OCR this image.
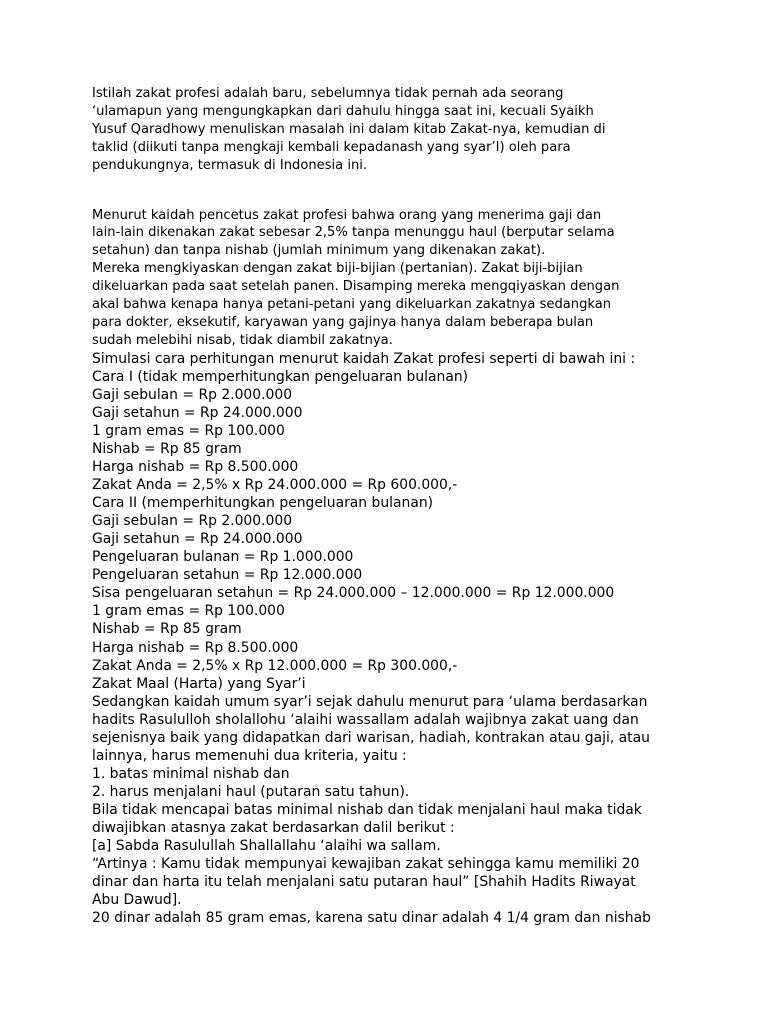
Istilah zakat profesi adalah baru, sebelumnya tidak pernah ada seorang
‘ulamapun yang mengungkapkan dari dahulu hingga saat ini, kecuali Syaikh
Yusuf Qaradhowy menuliskan masalah ini dalam kitab Zakat-nya, kemudian di
taklid (diikuti tanpa mengkaji kembali kepadanash yang syar’I) oleh para
pendukungnya, termasuk di Indonesia ini.

Menurut kaidah pencetus zakat profesi bahwa orang yang menerima gaji dan
lain-lain dikenakan zakat sebesar 2,5% tanpa menunggu haul (berputar selama
setahun) dan tanpa nishab (jumlah minimum yang dikenakan zakat).
Mereka mengkiyaskan dengan zakat biji-bijian (pertanian). Zakat biji-bijian
dikeluarkan pada saat setelah panen. Disamping mereka mengqiyaskan dengan
akal bahwa kenapa hanya petani-petani yang dikeluarkan zakatnya sedangkan
para dokter, eksekutif, karyawan yang gajinya hanya dalam beberapa bulan
sudah melebihi nisab, tidak diambil zakatnya.

Simulasi cara perhitungan menurut kaidah Zakat profesi seperti di bawah ini :
Cara I (tidak memperhitungkan pengeluaran bulanan)
Gaji sebulan = Rp 2.000.000
Gaji setahun = Rp 24.000.000
1 gram emas = Rp 100.000
Nishab = Rp 85 gram
Harga nishab = Rp 8.500.000
Zakat Anda = 2,5% x Rp 24.000.000 = Rp 600.000,-
Cara II (memperhitungkan pengeluaran bulanan)
Gaji sebulan = Rp 2.000.000
Gaji setahun = Rp 24.000.000
Pengeluaran bulanan = Rp 1.000.000
Pengeluaran setahun = Rp 12.000.000
Sisa pengeluaran setahun = Rp 24.000.000 – 12.000.000 = Rp 12.000.000
1 gram emas = Rp 100.000
Nishab = Rp 85 gram
Harga nishab = Rp 8.500.000
Zakat Anda = 2,5% x Rp 12.000.000 = Rp 300.000,-
Zakat Maal (Harta) yang Syar’i
Sedangkan kaidah umum syar’i sejak dahulu menurut para ‘ulama berdasarkan
hadits Rasululloh sholallohu ‘alaihi wassallam adalah wajibnya zakat uang dan
sejenisnya baik yang didapatkan dari warisan, hadiah, kontrakan atau gaji, atau
lainnya, harus memenuhi dua kriteria, yaitu :
1. batas minimal nishab dan
2. harus menjalani haul (putaran satu tahun).
Bila tidak mencapai batas minimal nishab dan tidak menjalani haul maka tidak
diwajibkan atasnya zakat berdasarkan dalil berikut :
[a] Sabda Rasulullah Shallallahu ‘alaihi wa sallam.
“Artinya : Kamu tidak mempunyai kewajiban zakat sehingga kamu memiliki 20
dinar dan harta itu telah menjalani satu putaran haul” [Shahih Hadits Riwayat
Abu Dawud].
20 dinar adalah 85 gram emas, karena satu dinar adalah 4 1/4 gram dan nishab
